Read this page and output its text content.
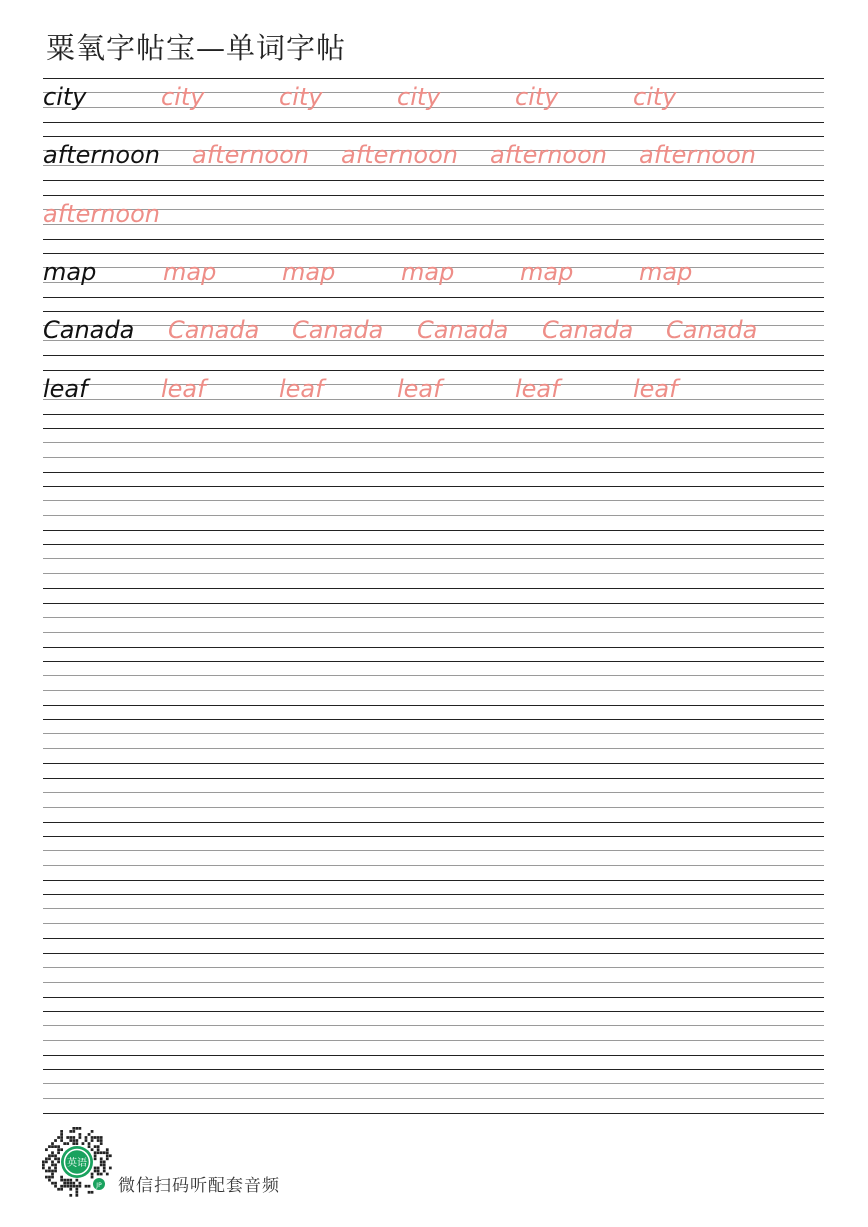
粟氧字帖宝—单词字帖
city	city	city	city	city	city
afternoon afternoon afternoon afternoon afternoon
afternoon
map	map	map	map	map	map
Canada Canada Canada Canada Canada Canada
leaf	leaf	leaf	leaf	leaf	leaf
英语
JP 微信扫码听配套音频
